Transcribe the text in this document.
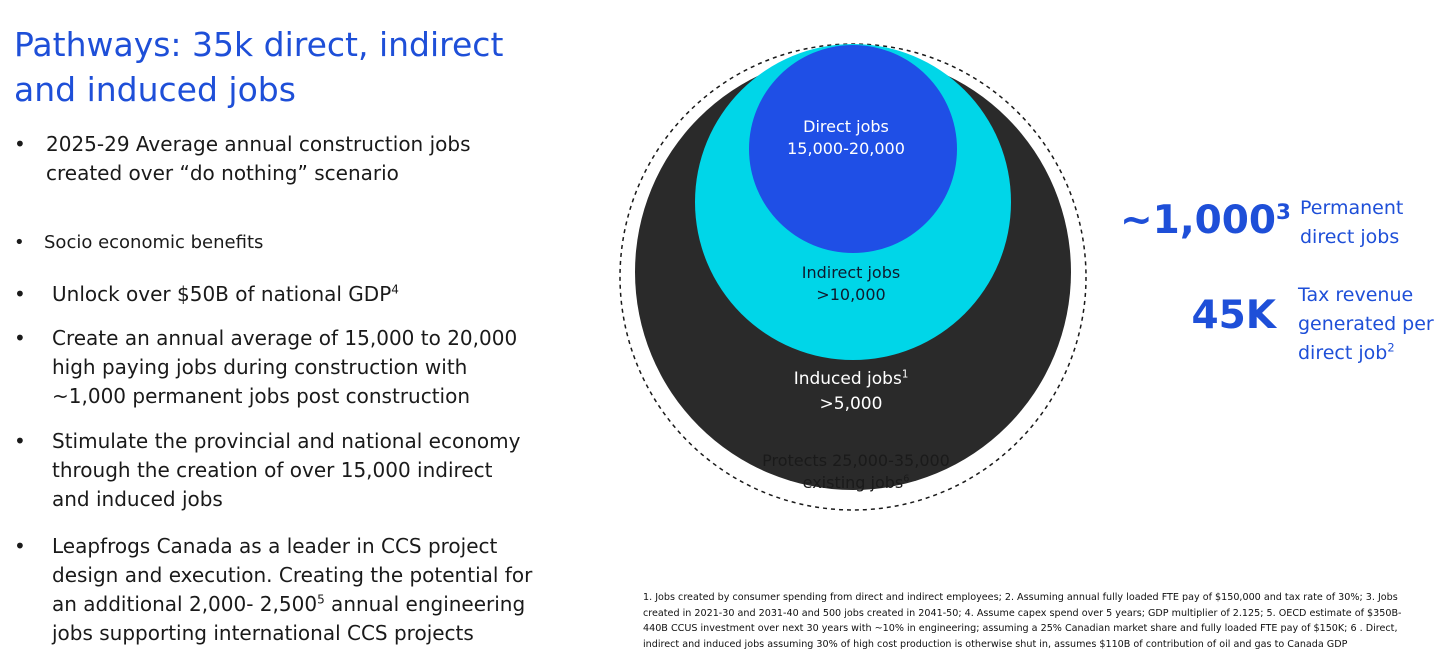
Pathways: 35k direct, indirect
and induced jobs
• 2025-29 Average annual construction jobs
created over “do nothing” scenario
• Socio economic benefits
• Unlock over $50B of national GDP$^4$
• Create an annual average of 15,000 to 20,000
high paying jobs during construction with
~1,000 permanent jobs post construction
• Stimulate the provincial and national economy
through the creation of over 15,000 indirect
and induced jobs
• Leapfrogs Canada as a leader in CCS project
design and execution. Creating the potential for
an additional 2,000- 2,500$^5$ annual engineering
jobs supporting international CCS projects
Direct jobs
15,000-20,000
Indirect jobs
>10,000
Induced jobs$^1$
>5,000
Protects 25,000-35,000
existing jobs$^6$
~1,000$^3$ Permanent
direct jobs
45K Tax revenue
generated per
direct job$^2$
1. Jobs created by consumer spending from direct and indirect employees; 2. Assuming annual fully loaded FTE pay of $150,000 and tax rate of 30%; 3. Jobs created in 2021-30 and 2031-40 and 500 jobs created in 2041-50; 4. Assume capex spend over 5 years; GDP multiplier of 2.125; 5. OECD estimate of $350B-440B CCUS investment over next 30 years with ~10% in engineering; assuming a 25% Canadian market share and fully loaded FTE pay of $150K; 6 . Direct, indirect and induced jobs assuming 30% of high cost production is otherwise shut in, assumes $110B of contribution of oil and gas to Canada GDP
